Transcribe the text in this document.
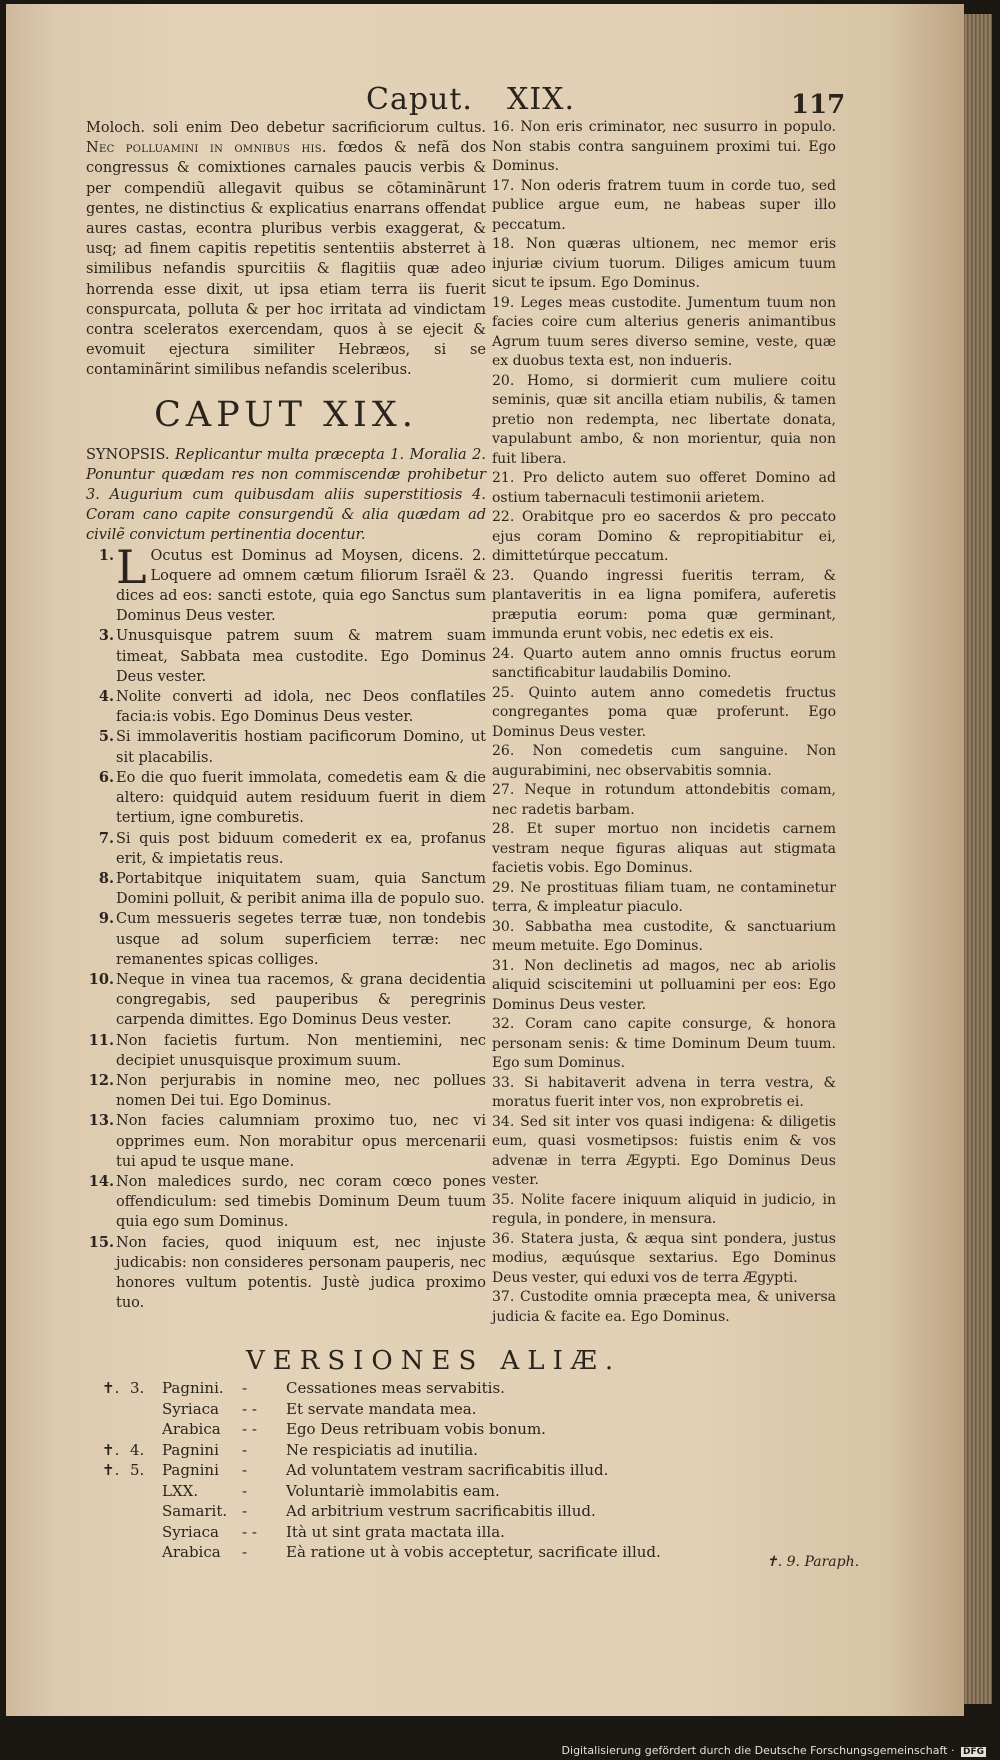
Caput. XIX.	117

Moloch. soli enim Deo debetur sacrificiorum cultus. Nec polluamini in omnibus his. fœdos & nefã dos congressus & comixtiones carnales paucis verbis & per compendiũ allegavit quibus se cõtaminãrunt gentes, ne distinctius & explicatius enarrans offendat aures castas, econtra pluribus verbis exaggerat, & usq; ad finem capitis repetitis sententiis absterret à similibus nefandis spurcitiis & flagitiis quæ adeo horrenda esse dixit, ut ipsa etiam terra iis fuerit conspurcata, polluta & per hoc irritata ad vindictam contra sceleratos exercendam, quos à se ejecit & evomuit ejectura similiter Hebræos, si se contaminãrint similibus nefandis sceleribus.

CAPUT XIX.

SYNOPSIS. Replicantur multa præcepta 1. Moralia 2. Ponuntur quædam res non commiscendæ prohibetur 3. Augurium cum quibusdam aliis superstitiosis 4. Coram cano capite consurgendũ & alia quædam ad civilẽ convictum pertinentia docentur.

1. L Ocutus est Dominus ad Moysen, dicens. 2. Loquere ad omnem cætum filiorum Israël & dices ad eos: sancti estote, quia ego Sanctus sum Dominus Deus vester.

3. Unusquisque patrem suum & matrem suam timeat, Sabbata mea custodite. Ego Dominus Deus vester.

4. Nolite converti ad idola, nec Deos conflatiles facia:is vobis. Ego Dominus Deus vester.

5. Si immolaveritis hostiam pacificorum Domino, ut sit placabilis.

6. Eo die quo fuerit immolata, comedetis eam & die altero: quidquid autem residuum fuerit in diem tertium, igne comburetis.

7. Si quis post biduum comederit ex ea, profanus erit, & impietatis reus.

8. Portabitque iniquitatem suam, quia Sanctum Domini polluit, & peribit anima illa de populo suo.

9. Cum messueris segetes terræ tuæ, non tondebis usque ad solum superficiem terræ: nec remanentes spicas colliges.

10. Neque in vinea tua racemos, & grana decidentia congregabis, sed pauperibus & peregrinis carpenda dimittes. Ego Dominus Deus vester.

11. Non facietis furtum. Non mentiemini, nec decipiet unusquisque proximum suum.

12. Non perjurabis in nomine meo, nec pollues nomen Dei tui. Ego Dominus.

13. Non facies calumniam proximo tuo, nec vi opprimes eum. Non morabitur opus mercenarii tui apud te usque mane.

14. Non maledices surdo, nec coram cœco pones offendiculum: sed timebis Dominum Deum tuum quia ego sum Dominus.

15. Non facies, quod iniquum est, nec injuste judicabis: non consideres personam pauperis, nec honores vultum potentis. Justè judica proximo tuo.

16. Non eris criminator, nec susurro in populo. Non stabis contra sanguinem proximi tui. Ego Dominus.

17. Non oderis fratrem tuum in corde tuo, sed publice argue eum, ne habeas super illo peccatum.

18. Non quæras ultionem, nec memor eris injuriæ civium tuorum. Diliges amicum tuum sicut te ipsum. Ego Dominus.

19. Leges meas custodite. Jumentum tuum non facies coire cum alterius generis animantibus Agrum tuum seres diverso semine, veste, quæ ex duobus texta est, non indueris.

20. Homo, si dormierit cum muliere coitu seminis, quæ sit ancilla etiam nubilis, & tamen pretio non redempta, nec libertate donata, vapulabunt ambo, & non morientur, quia non fuit libera.

21. Pro delicto autem suo offeret Domino ad ostium tabernaculi testimonii arietem.

22. Orabitque pro eo sacerdos & pro peccato ejus coram Domino & repropitiabitur ei, dimittetúrque peccatum.

23. Quando ingressi fueritis terram, & plantaveritis in ea ligna pomifera, auferetis præputia eorum: poma quæ germinant, immunda erunt vobis, nec edetis ex eis.

24. Quarto autem anno omnis fructus eorum sanctificabitur laudabilis Domino.

25. Quinto autem anno comedetis fructus congregantes poma quæ proferunt. Ego Dominus Deus vester.

26. Non comedetis cum sanguine. Non augurabimini, nec observabitis somnia.

27. Neque in rotundum attondebitis comam, nec radetis barbam.

28. Et super mortuo non incidetis carnem vestram neque figuras aliquas aut stigmata facietis vobis. Ego Dominus.

29. Ne prostituas filiam tuam, ne contaminetur terra, & impleatur piaculo.

30. Sabbatha mea custodite, & sanctuarium meum metuite. Ego Dominus.

31. Non declinetis ad magos, nec ab ariolis aliquid sciscitemini ut polluamini per eos: Ego Dominus Deus vester.

32. Coram cano capite consurge, & honora personam senis: & time Dominum Deum tuum. Ego sum Dominus.

33. Si habitaverit advena in terra vestra, & moratus fuerit inter vos, non exprobretis ei.

34. Sed sit inter vos quasi indigena: & diligetis eum, quasi vosmetipsos: fuistis enim & vos advenæ in terra Ægypti. Ego Dominus Deus vester.

35. Nolite facere iniquum aliquid in judicio, in regula, in pondere, in mensura.

36. Statera justa, & æqua sint pondera, justus modius, æquúsque sextarius. Ego Dominus Deus vester, qui eduxi vos de terra Ægypti.

37. Custodite omnia præcepta mea, & universa judicia & facite ea. Ego Dominus.

VERSIONES ALIÆ.
✝. 3.	Pagnini.	-	Cessationes meas servabitis.
Syriaca	- -	Et servate mandata mea.
Arabica	- -	Ego Deus retribuam vobis bonum.
✝. 4.	Pagnini	-	Ne respiciatis ad inutilia.
✝. 5.	Pagnini	-	Ad voluntatem vestram sacrificabitis illud.
LXX.	-	Voluntariè immolabitis eam.
Samarit. -	Ad arbitrium vestrum sacrificabitis illud.
Syriaca	- -	Ità ut sint grata mactata illa.
Arabica	-	Eà ratione ut à vobis acceptetur, sacrificate illud.
✝. 9. Paraph.
Digitalisierung gefördert durch die Deutsche Forschungsgemeinschaft · DFG
